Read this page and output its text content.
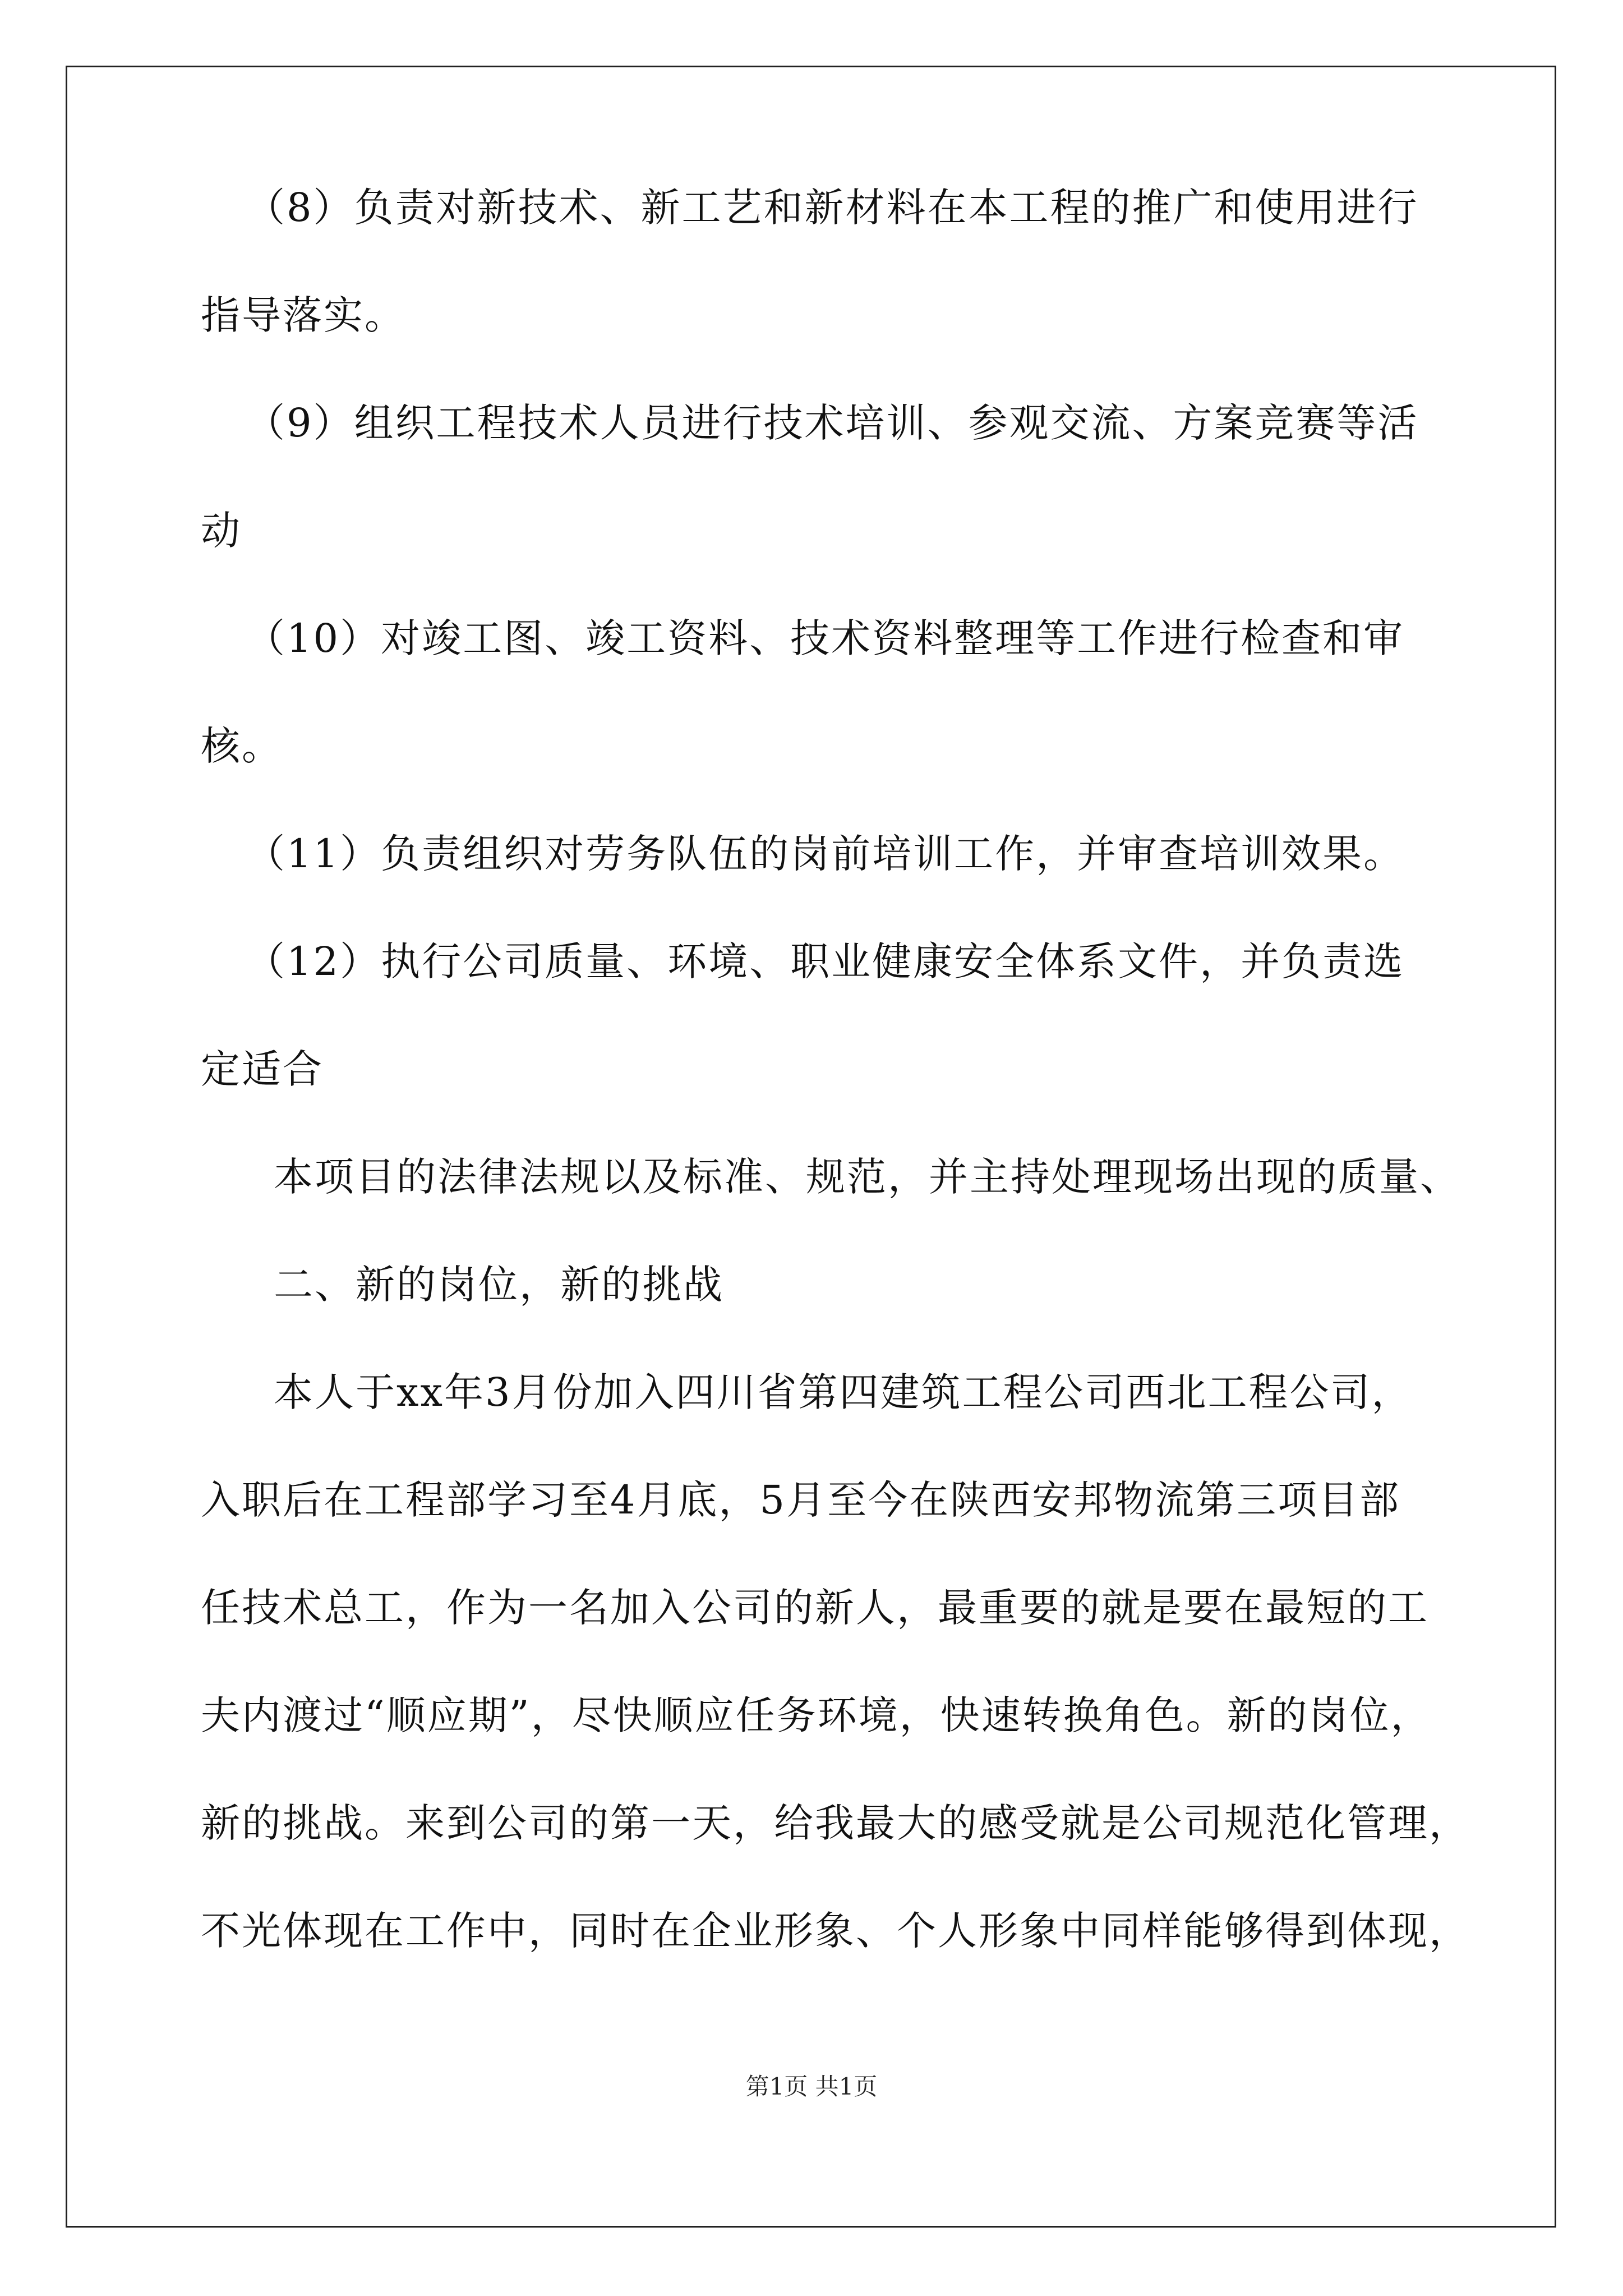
（8）负责对新技术、新工艺和新材料在本工程的推广和使用进行
指导落实。
（9）组织工程技术人员进行技术培训、参观交流、方案竞赛等活
动
（10）对竣工图、竣工资料、技术资料整理等工作进行检查和审
核。
（11）负责组织对劳务队伍的岗前培训工作，并审查培训效果。
（12）执行公司质量、环境、职业健康安全体系文件，并负责选
定适合
本项目的法律法规以及标准、规范，并主持处理现场出现的质量、
二、新的岗位，新的挑战
本人于xx年3月份加入四川省第四建筑工程公司西北工程公司，
入职后在工程部学习至4月底，5月至今在陕西安邦物流第三项目部
任技术总工，作为一名加入公司的新人，最重要的就是要在最短的工
夫内渡过“顺应期”，尽快顺应任务环境，快速转换角色。新的岗位，
新的挑战。来到公司的第一天，给我最大的感受就是公司规范化管理，
不光体现在工作中，同时在企业形象、个人形象中同样能够得到体现，
第1页 共1页
